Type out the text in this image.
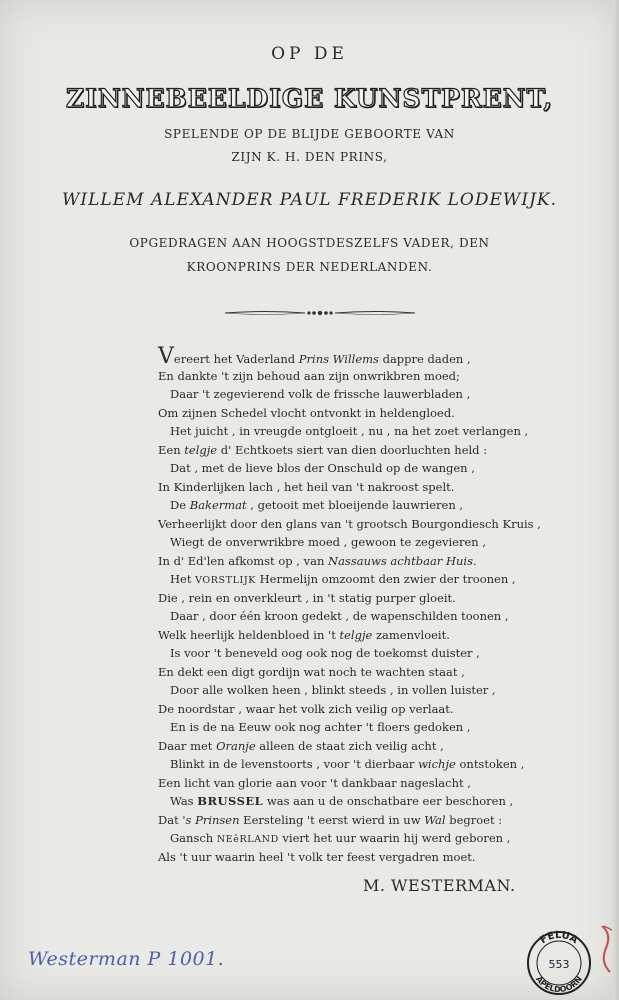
OP DE
ZINNEBEELDIGE KUNSTPRENT,
SPELENDE OP DE BLIJDE GEBOORTE VAN
ZIJN K. H. DEN PRINS,
WILLEM ALEXANDER PAUL FREDERIK LODEWIJK.
OPGEDRAGEN AAN HOOGSTDESZELFS VADER, DEN
KROONPRINS DER NEDERLANDEN.
Vereert het Vaderland Prins Willems dappre daden ,
En dankte 't zijn behoud aan zijn onwrikbren moed;
Daar 't zegevierend volk de frissche lauwerbladen ,
Om zijnen Schedel vlocht ontvonkt in heldengloed.
Het juicht , in vreugde ontgloeit , nu , na het zoet verlangen ,
Een telgje d' Echtkoets siert van dien doorluchten held :
Dat , met de lieve blos der Onschuld op de wangen ,
In Kinderlijken lach , het heil van 't nakroost spelt.
De Bakermat , getooit met bloeijende lauwrieren ,
Verheerlijkt door den glans van 't grootsch Bourgondiesch Kruis ,
Wiegt de onverwrikbre moed , gewoon te zegevieren ,
In d' Ed'len afkomst op , van Nassauws achtbaar Huis.
Het VORSTLIJK Hermelijn omzoomt den zwier der troonen ,
Die , rein en onverkleurt , in 't statig purper gloeit.
Daar , door één kroon gedekt , de wapenschilden toonen ,
Welk heerlijk heldenbloed in 't telgje zamenvloeit.
Is voor 't beneveld oog ook nog de toekomst duister ,
En dekt een digt gordijn wat noch te wachten staat ,
Door alle wolken heen , blinkt steeds , in vollen luister ,
De noordstar , waar het volk zich veilig op verlaat.
En is de na Eeuw ook nog achter 't floers gedoken ,
Daar met Oranje alleen de staat zich veilig acht ,
Blinkt in de levenstoorts , voor 't dierbaar wichje ontstoken ,
Een licht van glorie aan voor 't dankbaar nageslacht ,
Was BRUSSEL was aan u de onschatbare eer beschoren ,
Dat 's Prinsen Eersteling 't eerst wierd in uw Wal begroet :
Gansch NEêRLAND viert het uur waarin hij werd geboren ,
Als 't uur waarin heel 't volk ter feest vergadren moet.
M. WESTERMAN.
Westerman P 1001.
FELUA
APELDOORN
553
